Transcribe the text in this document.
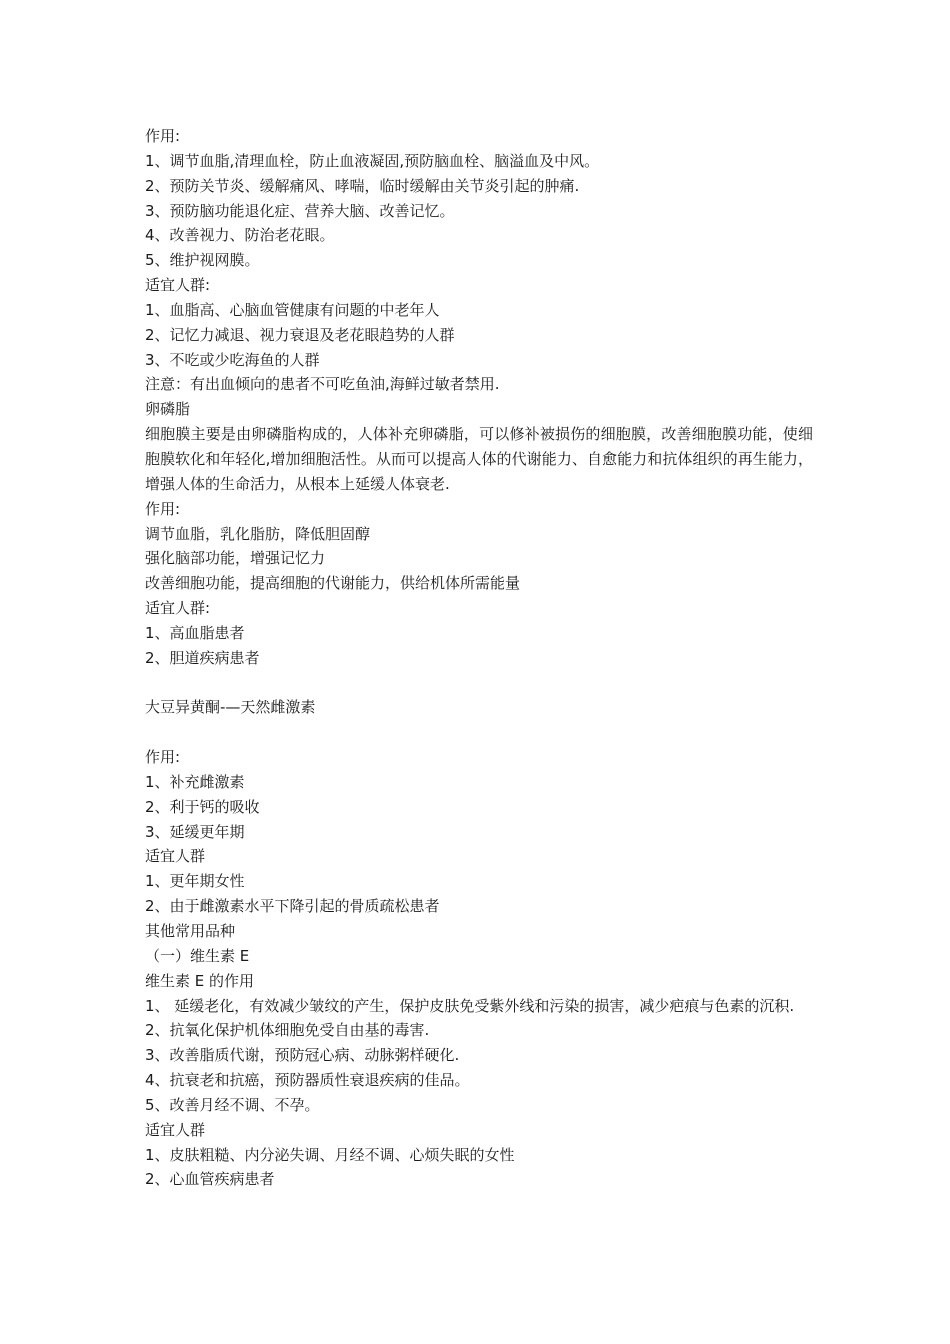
作用:
1、调节血脂,清理血栓，防止血液凝固,预防脑血栓、脑溢血及中风。
2、预防关节炎、缓解痛风、哮喘，临时缓解由关节炎引起的肿痛.
3、预防脑功能退化症、营养大脑、改善记忆。
4、改善视力、防治老花眼。
5、维护视网膜。
适宜人群:
1、血脂高、心脑血管健康有问题的中老年人
2、记忆力减退、视力衰退及老花眼趋势的人群
3、不吃或少吃海鱼的人群
注意：有出血倾向的患者不可吃鱼油,海鲜过敏者禁用.
卵磷脂
细胞膜主要是由卵磷脂构成的，人体补充卵磷脂，可以修补被损伤的细胞膜，改善细胞膜功能，使细胞膜软化和年轻化,增加细胞活性。从而可以提高人体的代谢能力、自愈能力和抗体组织的再生能力，增强人体的生命活力，从根本上延缓人体衰老.
作用:
调节血脂，乳化脂肪，降低胆固醇
强化脑部功能，增强记忆力
改善细胞功能，提高细胞的代谢能力，供给机体所需能量
适宜人群:
1、高血脂患者
2、胆道疾病患者
大豆异黄酮-—天然雌激素
作用:
1、补充雌激素
2、利于钙的吸收
3、延缓更年期
适宜人群
1、更年期女性
2、由于雌激素水平下降引起的骨质疏松患者
其他常用品种
（一）维生素 E
维生素 E 的作用
1、 延缓老化，有效减少皱纹的产生，保护皮肤免受紫外线和污染的损害，减少疤痕与色素的沉积.
2、抗氧化保护机体细胞免受自由基的毒害.
3、改善脂质代谢，预防冠心病、动脉粥样硬化.
4、抗衰老和抗癌，预防器质性衰退疾病的佳品。
5、改善月经不调、不孕。
适宜人群
1、皮肤粗糙、内分泌失调、月经不调、心烦失眠的女性
2、心血管疾病患者
